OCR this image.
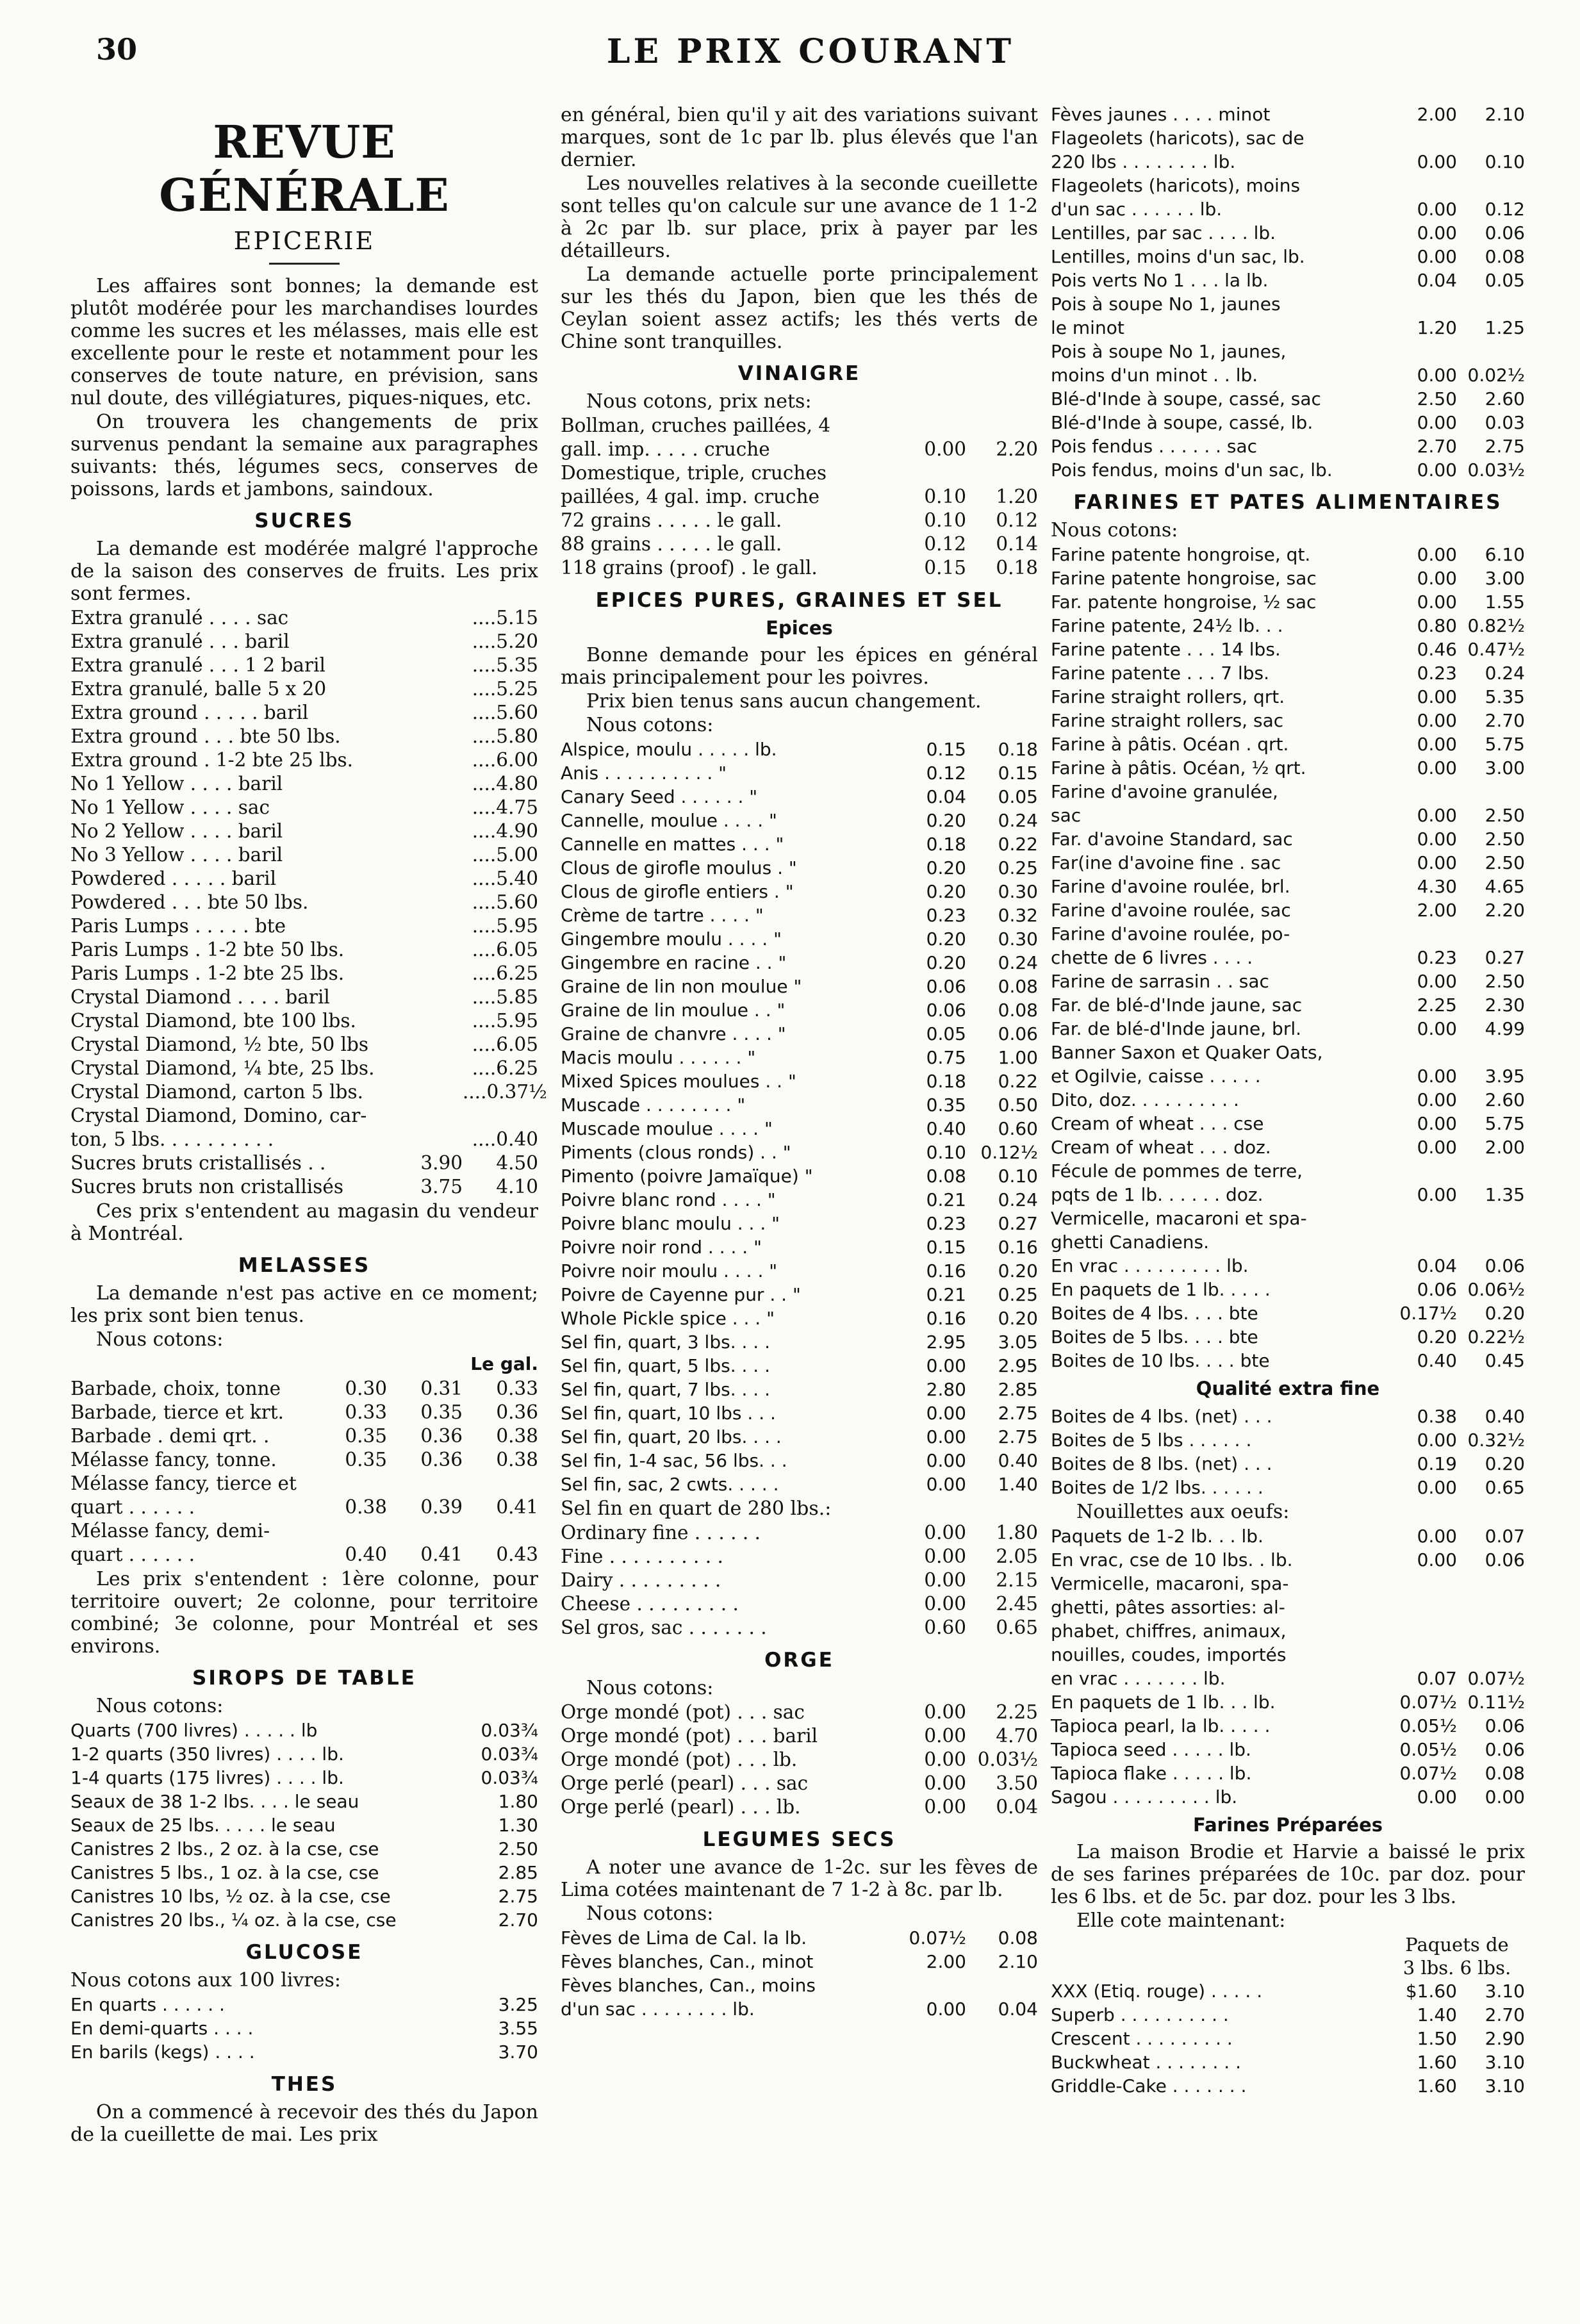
30	LE PRIX COURANT
REVUE GÉNÉRALE
EPICERIE
Les affaires sont bonnes; la demande est plutôt modérée pour les marchandises lourdes comme les sucres et les mélasses, mais elle est excellente pour le reste et notamment pour les conserves de toute nature, en prévision, sans nul doute, des villégiatures, piques-niques, etc.
On trouvera les changements de prix survenus pendant la semaine aux paragraphes suivants: thés, légumes secs, conserves de poissons, lards et jambons, saindoux.
SUCRES
La demande est modérée malgré l'approche de la saison des conserves de fruits. Les prix sont fermes.
Extra granulé . . . . sac	....5.15
Extra granulé . . . baril	....5.20
Extra granulé . . . 1 2 baril	....5.35
Extra granulé, balle 5 x 20	....5.25
Extra ground . . . . . baril	....5.60
Extra ground . . . bte 50 lbs.	....5.80
Extra ground . 1-2 bte 25 lbs.	....6.00
No 1 Yellow . . . . baril	....4.80
No 1 Yellow . . . . sac	....4.75
No 2 Yellow . . . . baril	....4.90
No 3 Yellow . . . . baril	....5.00
Powdered . . . . . baril	....5.40
Powdered . . . bte 50 lbs.	....5.60
Paris Lumps . . . . . bte	....5.95
Paris Lumps . 1-2 bte 50 lbs.	....6.05
Paris Lumps . 1-2 bte 25 lbs.	....6.25
Crystal Diamond . . . . baril	....5.85
Crystal Diamond, bte 100 lbs.	....5.95
Crystal Diamond, ½ bte, 50 lbs	....6.05
Crystal Diamond, ¼ bte, 25 lbs.	....6.25
Crystal Diamond, carton 5 lbs.	....0.37½
Crystal Diamond, Domino, car-
ton, 5 lbs. . . . . . . . . .	....0.40
Sucres bruts cristallisés . .	3.90	4.50
Sucres bruts non cristallisés	3.75	4.10
Ces prix s'entendent au magasin du vendeur à Montréal.
MELASSES
La demande n'est pas active en ce moment; les prix sont bien tenus.
Nous cotons:
Le gal.
Barbade, choix, tonne	0.30	0.31	0.33
Barbade, tierce et krt.	0.33	0.35	0.36
Barbade . demi qrt. .	0.35	0.36	0.38
Mélasse fancy, tonne.	0.35	0.36	0.38
Mélasse fancy, tierce et
quart . . . . . .	0.38	0.39	0.41
Mélasse fancy, demi-
quart . . . . . .	0.40	0.41	0.43
Les prix s'entendent : 1ère colonne, pour territoire ouvert; 2e colonne, pour territoire combiné; 3e colonne, pour Montréal et ses environs.
SIROPS DE TABLE
Nous cotons:
Quarts (700 livres) . . . . . lb	0.03¾
1-2 quarts (350 livres) . . . . lb.	0.03¾
1-4 quarts (175 livres) . . . . lb.	0.03¾
Seaux de 38 1-2 lbs. . . . le seau	1.80
Seaux de 25 lbs. . . . . le seau	1.30
Canistres 2 lbs., 2 oz. à la cse, cse	2.50
Canistres 5 lbs., 1 oz. à la cse, cse	2.85
Canistres 10 lbs, ½ oz. à la cse, cse	2.75
Canistres 20 lbs., ¼ oz. à la cse, cse	2.70
GLUCOSE
Nous cotons aux 100 livres:
En quarts . . . . . .	3.25
En demi-quarts . . . .	3.55
En barils (kegs) . . . .	3.70
THES
On a commencé à recevoir des thés du Japon de la cueillette de mai. Les prix
en général, bien qu'il y ait des variations suivant marques, sont de 1c par lb. plus élevés que l'an dernier.
Les nouvelles relatives à la seconde cueillette sont telles qu'on calcule sur une avance de 1 1-2 à 2c par lb. sur place, prix à payer par les détailleurs.
La demande actuelle porte principalement sur les thés du Japon, bien que les thés de Ceylan soient assez actifs; les thés verts de Chine sont tranquilles.
VINAIGRE
Nous cotons, prix nets:
Bollman, cruches paillées, 4
gall. imp. . . . . cruche	0.00	2.20
Domestique, triple, cruches
paillées, 4 gal. imp. cruche	0.10	1.20
72 grains . . . . . le gall.	0.10	0.12
88 grains . . . . . le gall.	0.12	0.14
118 grains (proof) . le gall.	0.15	0.18
EPICES PURES, GRAINES ET SEL
Epices
Bonne demande pour les épices en général mais principalement pour les poivres.
Prix bien tenus sans aucun changement.
Nous cotons:
Alspice, moulu . . . . . lb.	0.15	0.18
Anis . . . . . . . . . . "	0.12	0.15
Canary Seed . . . . . . "	0.04	0.05
Cannelle, moulue . . . . "	0.20	0.24
Cannelle en mattes . . . "	0.18	0.22
Clous de girofle moulus . "	0.20	0.25
Clous de girofle entiers . "	0.20	0.30
Crème de tartre . . . . "	0.23	0.32
Gingembre moulu . . . . "	0.20	0.30
Gingembre en racine . . "	0.20	0.24
Graine de lin non moulue "	0.06	0.08
Graine de lin moulue . . "	0.06	0.08
Graine de chanvre . . . . "	0.05	0.06
Macis moulu . . . . . . "	0.75	1.00
Mixed Spices moulues . . "	0.18	0.22
Muscade . . . . . . . . "	0.35	0.50
Muscade moulue . . . . "	0.40	0.60
Piments (clous ronds) . . "	0.10 0.12½
Pimento (poivre Jamaïque) "	0.08	0.10
Poivre blanc rond . . . . "	0.21	0.24
Poivre blanc moulu . . . "	0.23	0.27
Poivre noir rond . . . . "	0.15	0.16
Poivre noir moulu . . . . "	0.16	0.20
Poivre de Cayenne pur . . "	0.21	0.25
Whole Pickle spice . . . "	0.16	0.20
Sel fin, quart, 3 lbs. . . .	2.95	3.05
Sel fin, quart, 5 lbs. . . .	0.00	2.95
Sel fin, quart, 7 lbs. . . .	2.80	2.85
Sel fin, quart, 10 lbs . . .	0.00	2.75
Sel fin, quart, 20 lbs. . . .	0.00	2.75
Sel fin, 1-4 sac, 56 lbs. . .	0.00	0.40
Sel fin, sac, 2 cwts. . . . .	0.00	1.40
Sel fin en quart de 280 lbs.:
Ordinary fine . . . . . .	0.00	1.80
Fine . . . . . . . . . .	0.00	2.05
Dairy . . . . . . . . .	0.00	2.15
Cheese . . . . . . . . .	0.00	2.45
Sel gros, sac . . . . . . .	0.60	0.65
ORGE
Nous cotons:
Orge mondé (pot) . . . sac	0.00	2.25
Orge mondé (pot) . . . baril	0.00	4.70
Orge mondé (pot) . . . lb.	0.00 0.03½
Orge perlé (pearl) . . . sac	0.00	3.50
Orge perlé (pearl) . . . lb.	0.00	0.04
LEGUMES SECS
A noter une avance de 1-2c. sur les fèves de Lima cotées maintenant de 7 1-2 à 8c. par lb.
Nous cotons:
Fèves de Lima de Cal. la lb.	0.07½	0.08
Fèves blanches, Can., minot	2.00	2.10
Fèves blanches, Can., moins
d'un sac . . . . . . . . lb.	0.00	0.04
Fèves jaunes . . . . minot	2.00	2.10
Flageolets (haricots), sac de
220 lbs . . . . . . . . lb.	0.00	0.10
Flageolets (haricots), moins
d'un sac . . . . . . lb.	0.00	0.12
Lentilles, par sac . . . . lb.	0.00	0.06
Lentilles, moins d'un sac, lb.	0.00	0.08
Pois verts No 1 . . . la lb.	0.04	0.05
Pois à soupe No 1, jaunes
le minot	1.20	1.25
Pois à soupe No 1, jaunes,
moins d'un minot . . lb.	0.00 0.02½
Blé-d'Inde à soupe, cassé, sac	2.50	2.60
Blé-d'Inde à soupe, cassé, lb.	0.00	0.03
Pois fendus . . . . . . sac	2.70	2.75
Pois fendus, moins d'un sac, lb.	0.00 0.03½
FARINES ET PATES ALIMENTAIRES
Nous cotons:
Farine patente hongroise, qt.	0.00	6.10
Farine patente hongroise, sac	0.00	3.00
Far. patente hongroise, ½ sac	0.00	1.55
Farine patente, 24½ lb. . .	0.80 0.82½
Farine patente . . . 14 lbs.	0.46 0.47½
Farine patente . . . 7 lbs.	0.23	0.24
Farine straight rollers, qrt.	0.00	5.35
Farine straight rollers, sac	0.00	2.70
Farine à pâtis. Océan . qrt.	0.00	5.75
Farine à pâtis. Océan, ½ qrt.	0.00	3.00
Farine d'avoine granulée,
sac	0.00	2.50
Far. d'avoine Standard, sac	0.00	2.50
Far(ine d'avoine fine . sac	0.00	2.50
Farine d'avoine roulée, brl.	4.30	4.65
Farine d'avoine roulée, sac	2.00	2.20
Farine d'avoine roulée, po-
chette de 6 livres . . . .	0.23	0.27
Farine de sarrasin . . sac	0.00	2.50
Far. de blé-d'Inde jaune, sac	2.25	2.30
Far. de blé-d'Inde jaune, brl.	0.00	4.99
Banner Saxon et Quaker Oats,
et Ogilvie, caisse . . . . .	0.00	3.95
Dito, doz. . . . . . . . . .	0.00	2.60
Cream of wheat . . . cse	0.00	5.75
Cream of wheat . . . doz.	0.00	2.00
Fécule de pommes de terre,
pqts de 1 lb. . . . . . doz.	0.00	1.35
Vermicelle, macaroni et spa-
ghetti Canadiens.
En vrac . . . . . . . . . lb.	0.04	0.06
En paquets de 1 lb. . . . .	0.06 0.06½
Boites de 4 lbs. . . . bte	0.17½	0.20
Boites de 5 lbs. . . . bte	0.20 0.22½
Boites de 10 lbs. . . . bte	0.40	0.45
Qualité extra fine
Boites de 4 lbs. (net) . . .	0.38	0.40
Boites de 5 lbs . . . . . .	0.00 0.32½
Boites de 8 lbs. (net) . . .	0.19	0.20
Boites de 1/2 lbs. . . . . .	0.00	0.65
Nouillettes aux oeufs:
Paquets de 1-2 lb. . . lb.	0.00	0.07
En vrac, cse de 10 lbs. . lb.	0.00	0.06
Vermicelle, macaroni, spa-
ghetti, pâtes assorties: al-
phabet, chiffres, animaux,
nouilles, coudes, importés
en vrac . . . . . . . lb.	0.07 0.07½
En paquets de 1 lb. . . lb.	0.07½ 0.11½
Tapioca pearl, la lb. . . . .	0.05½	0.06
Tapioca seed . . . . . lb.	0.05½	0.06
Tapioca flake . . . . . lb.	0.07½	0.08
Sagou . . . . . . . . . lb.	0.00	0.00
Farines Préparées
La maison Brodie et Harvie a baissé le prix de ses farines préparées de 10c. par doz. pour les 6 lbs. et de 5c. par doz. pour les 3 lbs.
Elle cote maintenant:
Paquets de
3 lbs. 6 lbs.
XXX (Etiq. rouge) . . . . .	$1.60	3.10
Superb . . . . . . . . . .	1.40	2.70
Crescent . . . . . . . . .	1.50	2.90
Buckwheat . . . . . . . .	1.60	3.10
Griddle-Cake . . . . . . .	1.60	3.10
